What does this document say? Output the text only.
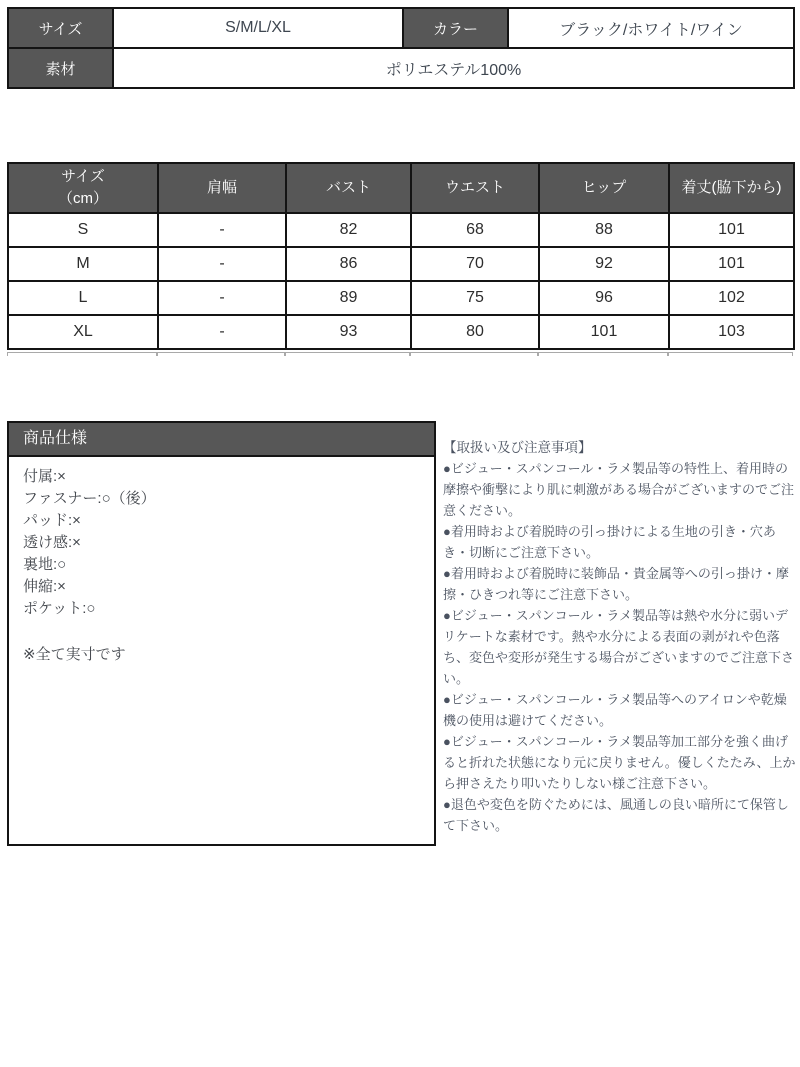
サイズ	S/M/L/XL	カラー	ブラック/ホワイト/ワイン
素材	ポリエステル100%		
サイズ
（cm）	肩幅	バスト	ウエスト	ヒップ	着丈(脇下から)
S	-	82	68	88	101
M	-	86	70	92	101
L	-	89	75	96	102
XL	-	93	80	101	103
商品仕様
付属:×
ファスナー:○（後）
パッド:×
透け感:×
裏地:○
伸縮:×
ポケット:○
※全て実寸です
【取扱い及び注意事項】

●ビジュー・スパンコール・ラメ製品等の特性上、着用時の摩擦や衝撃により肌に刺激がある場合がございますのでご注意ください。

●着用時および着脱時の引っ掛けによる生地の引き・穴あき・切断にご注意下さい。

●着用時および着脱時に装飾品・貴金属等への引っ掛け・摩擦・ひきつれ等にご注意下さい。

●ビジュー・スパンコール・ラメ製品等は熱や水分に弱いデリケートな素材です。熱や水分による表面の剥がれや色落ち、変色や変形が発生する場合がございますのでご注意下さい。

●ビジュー・スパンコール・ラメ製品等へのアイロンや乾燥機の使用は避けてください。

●ビジュー・スパンコール・ラメ製品等加工部分を強く曲げると折れた状態になり元に戻りません。優しくたたみ、上から押さえたり叩いたりしない様ご注意下さい。

●退色や変色を防ぐためには、風通しの良い暗所にて保管して下さい。
